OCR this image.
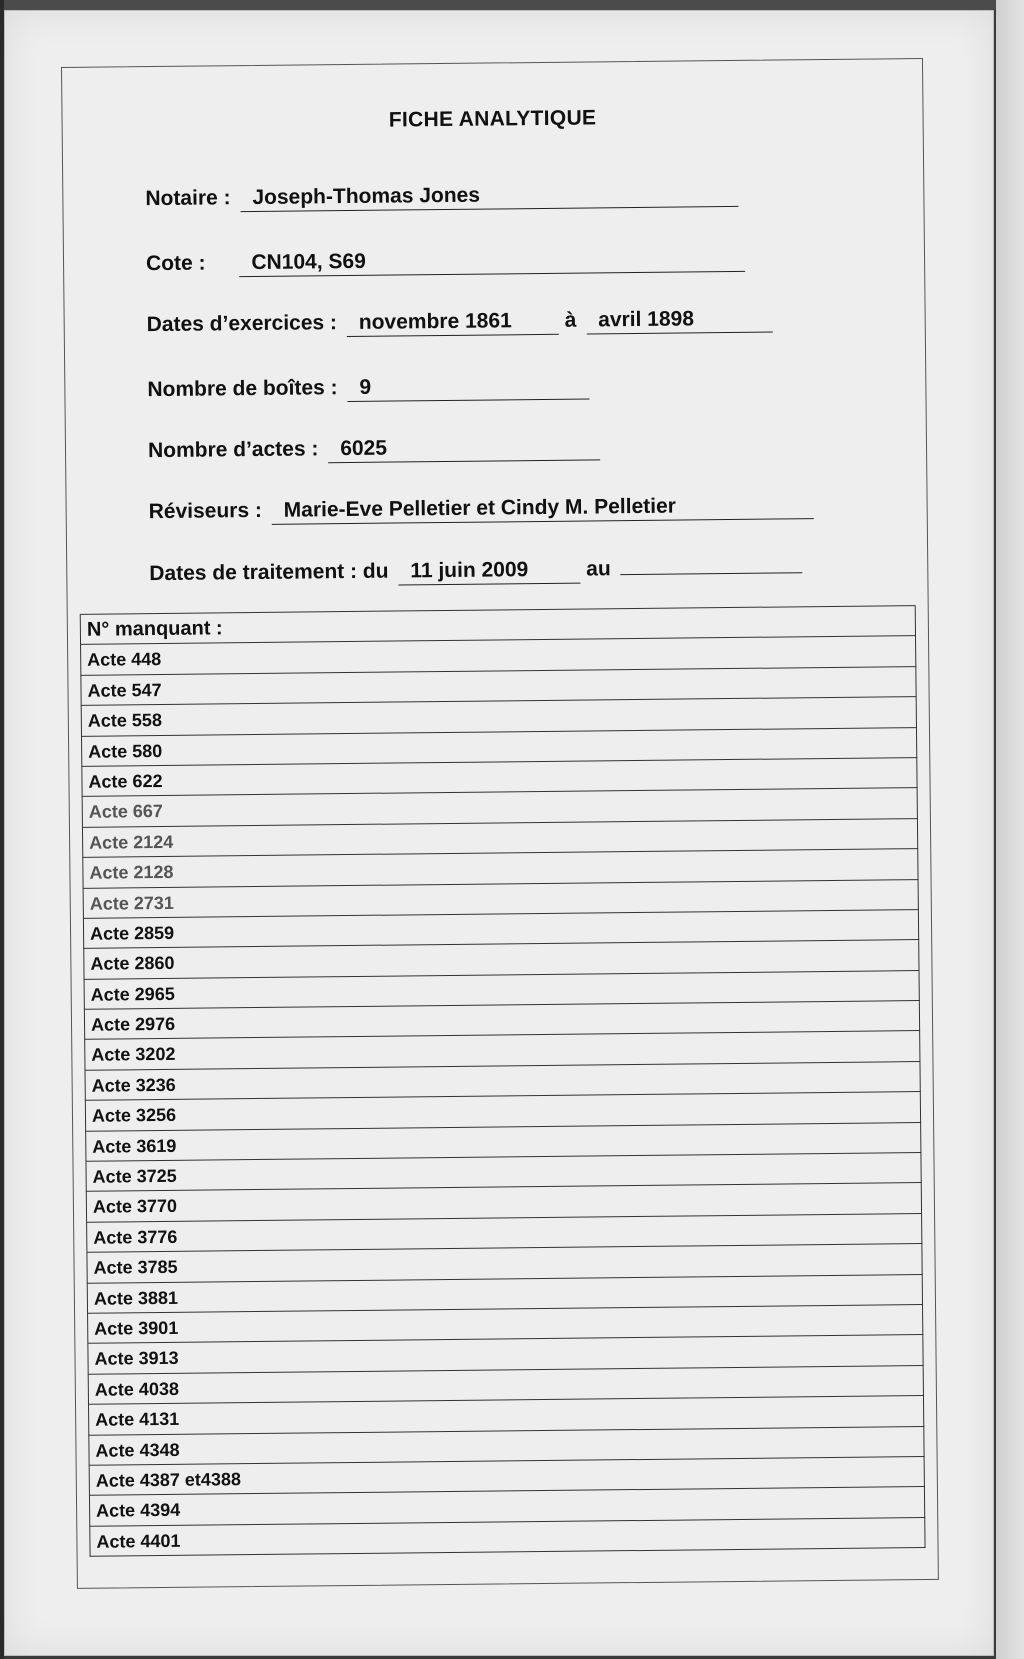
FICHE ANALYTIQUE
Notaire : Joseph-Thomas Jones
Cote : CN104, S69
Dates d’exercices : novembre 1861	à avril 1898
Nombre de boîtes : 9
Nombre d’actes : 6025
Réviseurs : Marie-Eve Pelletier et Cindy M. Pelletier
Dates de traitement : du 11 juin 2009	au
N° manquant :
Acte 448
Acte 547
Acte 558
Acte 580
Acte 622
Acte 667
Acte 2124
Acte 2128
Acte 2731
Acte 2859
Acte 2860
Acte 2965
Acte 2976
Acte 3202
Acte 3236
Acte 3256
Acte 3619
Acte 3725
Acte 3770
Acte 3776
Acte 3785
Acte 3881
Acte 3901
Acte 3913
Acte 4038
Acte 4131
Acte 4348
Acte 4387 et4388
Acte 4394
Acte 4401
